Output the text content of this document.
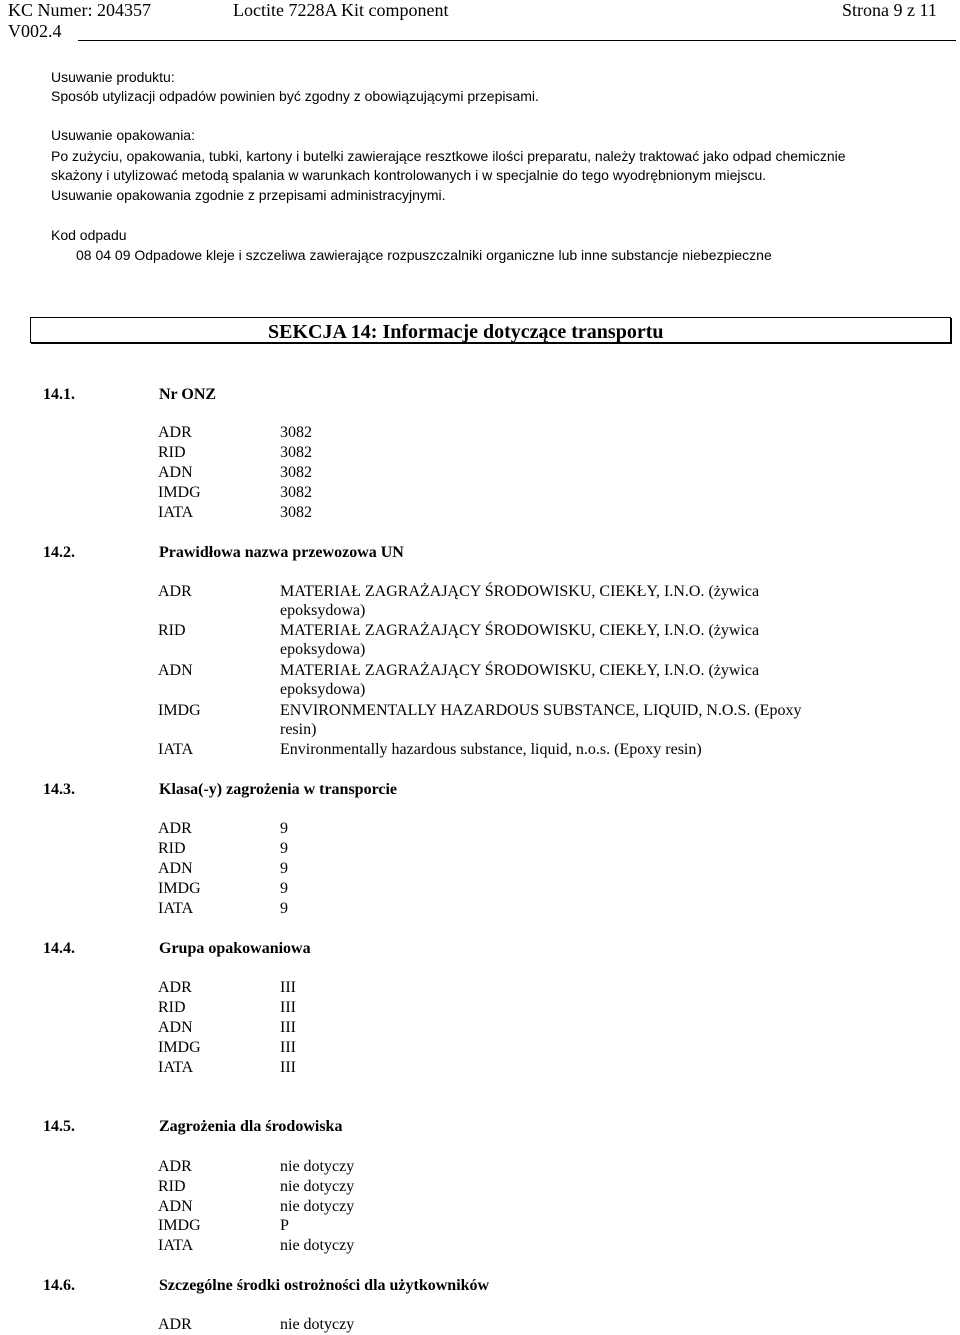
KC Numer: 204357	Loctite 7228A Kit component	Strona 9 z 11
V002.4
Usuwanie produktu:
Sposób utylizacji odpadów powinien być zgodny z obowiązującymi przepisami.
Usuwanie opakowania:
Po zużyciu, opakowania, tubki, kartony i butelki zawierające resztkowe ilości preparatu, należy traktować jako odpad chemicznie
skażony i utylizować metodą spalania w warunkach kontrolowanych i w specjalnie do tego wyodrębnionym miejscu.
Usuwanie opakowania zgodnie z przepisami administracyjnymi.
Kod odpadu
08 04 09 Odpadowe kleje i szczeliwa zawierające rozpuszczalniki organiczne lub inne substancje niebezpieczne
SEKCJA 14: Informacje dotyczące transportu
14.1.	Nr ONZ
ADR	3082
RID	3082
ADN	3082
IMDG	3082
IATA	3082
14.2.	Prawidłowa nazwa przewozowa UN
ADR	MATERIAŁ ZAGRAŻAJĄCY ŚRODOWISKU, CIEKŁY, I.N.O. (żywica
epoksydowa)
RID	MATERIAŁ ZAGRAŻAJĄCY ŚRODOWISKU, CIEKŁY, I.N.O. (żywica
epoksydowa)
ADN	MATERIAŁ ZAGRAŻAJĄCY ŚRODOWISKU, CIEKŁY, I.N.O. (żywica
epoksydowa)
IMDG	ENVIRONMENTALLY HAZARDOUS SUBSTANCE, LIQUID, N.O.S. (Epoxy
resin)
IATA	Environmentally hazardous substance, liquid, n.o.s. (Epoxy resin)
14.3.	Klasa(-y) zagrożenia w transporcie
ADR	9
RID	9
ADN	9
IMDG	9
IATA	9
14.4.	Grupa opakowaniowa
ADR	III
RID	III
ADN	III
IMDG	III
IATA	III
14.5.	Zagrożenia dla środowiska
ADR	nie dotyczy
RID	nie dotyczy
ADN	nie dotyczy
IMDG	P
IATA	nie dotyczy
14.6.	Szczególne środki ostrożności dla użytkowników
ADR	nie dotyczy
